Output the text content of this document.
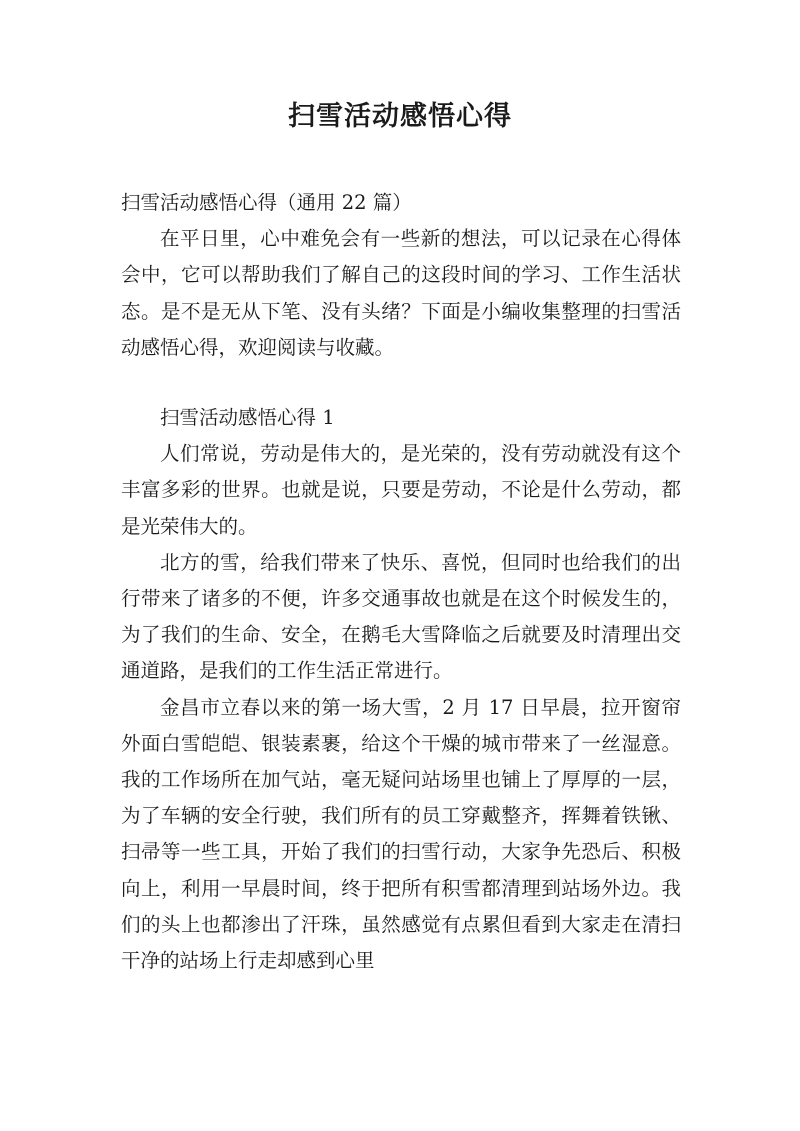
扫雪活动感悟心得

扫雪活动感悟心得（通用 22 篇）

在平日里，心中难免会有一些新的想法，可以记录在心得体会中，它可以帮助我们了解自己的这段时间的学习、工作生活状态。是不是无从下笔、没有头绪？下面是小编收集整理的扫雪活动感悟心得，欢迎阅读与收藏。

扫雪活动感悟心得 1

人们常说，劳动是伟大的，是光荣的，没有劳动就没有这个丰富多彩的世界。也就是说，只要是劳动，不论是什么劳动，都是光荣伟大的。

北方的雪，给我们带来了快乐、喜悦，但同时也给我们的出行带来了诸多的不便，许多交通事故也就是在这个时候发生的，为了我们的生命、安全，在鹅毛大雪降临之后就要及时清理出交通道路，是我们的工作生活正常进行。

金昌市立春以来的第一场大雪，2 月 17 日早晨，拉开窗帘外面白雪皑皑、银装素裹，给这个干燥的城市带来了一丝湿意。我的工作场所在加气站，毫无疑问站场里也铺上了厚厚的一层，为了车辆的安全行驶，我们所有的员工穿戴整齐，挥舞着铁锹、扫帚等一些工具，开始了我们的扫雪行动，大家争先恐后、积极向上，利用一早晨时间，终于把所有积雪都清理到站场外边。我们的头上也都渗出了汗珠，虽然感觉有点累但看到大家走在清扫干净的站场上行走却感到心里
